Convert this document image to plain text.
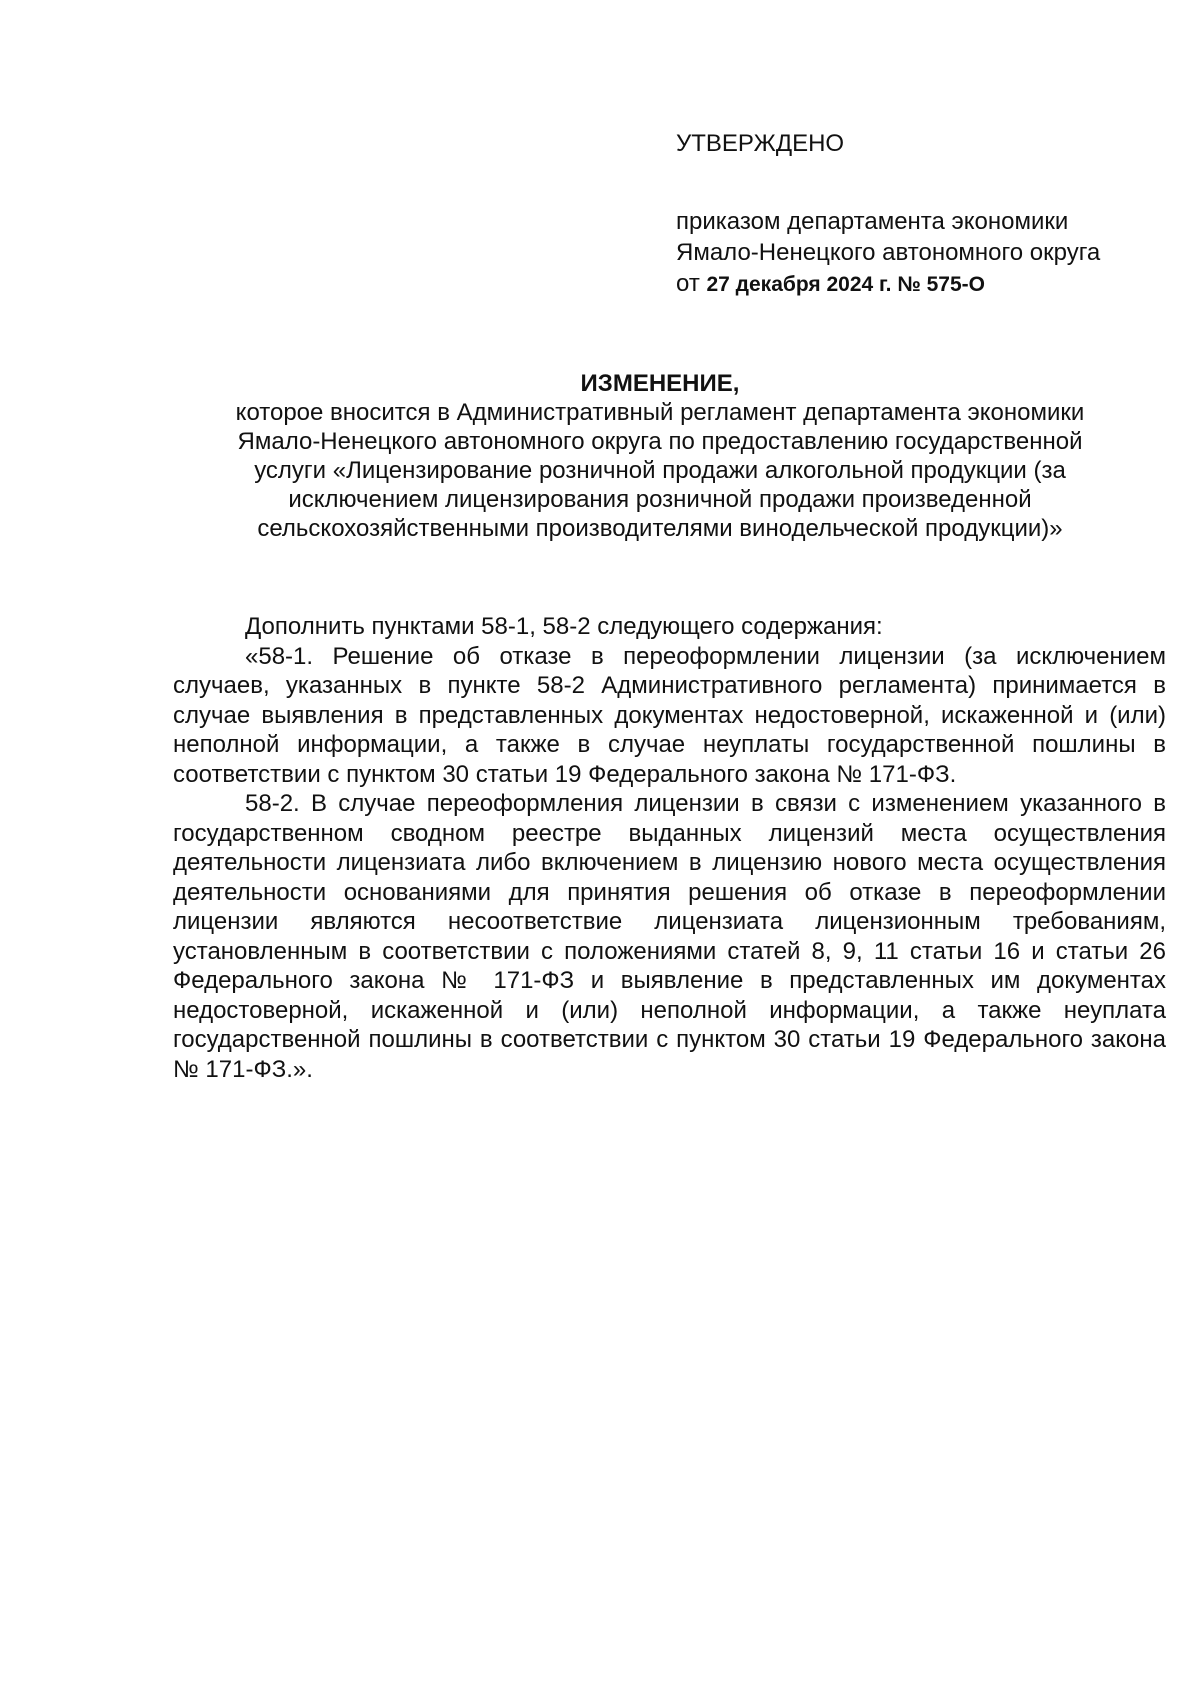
УТВЕРЖДЕНО
приказом департамента экономики
Ямало-Ненецкого автономного округа
от 27 декабря 2024 г. № 575-О
ИЗМЕНЕНИЕ,
которое вносится в Административный регламент департамента экономики
Ямало-Ненецкого автономного округа по предоставлению государственной
услуги «Лицензирование розничной продажи алкогольной продукции (за
исключением лицензирования розничной продажи произведенной
сельскохозяйственными производителями винодельческой продукции)»

Дополнить пунктами 58-1, 58-2 следующего содержания:

«58-1. Решение об отказе в переоформлении лицензии (за исключением случаев, указанных в пункте 58-2 Административного регламента) принимается в случае выявления в представленных документах недостоверной, искаженной и (или) неполной информации, а также в случае неуплаты государственной пошлины в соответствии с пунктом 30 статьи 19 Федерального закона № 171-ФЗ.

58-2. В случае переоформления лицензии в связи с изменением указанного в государственном сводном реестре выданных лицензий места осуществления деятельности лицензиата либо включением в лицензию нового места осуществления деятельности основаниями для принятия решения об отказе в переоформлении лицензии являются несоответствие лицензиата лицензионным требованиям, установленным в соответствии с положениями статей 8, 9, 11 статьи 16 и статьи 26 Федерального закона № 171-ФЗ и выявление в представленных им документах недостоверной, искаженной и (или) неполной информации, а также неуплата государственной пошлины в соответствии с пунктом 30 статьи 19 Федерального закона № 171-ФЗ.».
